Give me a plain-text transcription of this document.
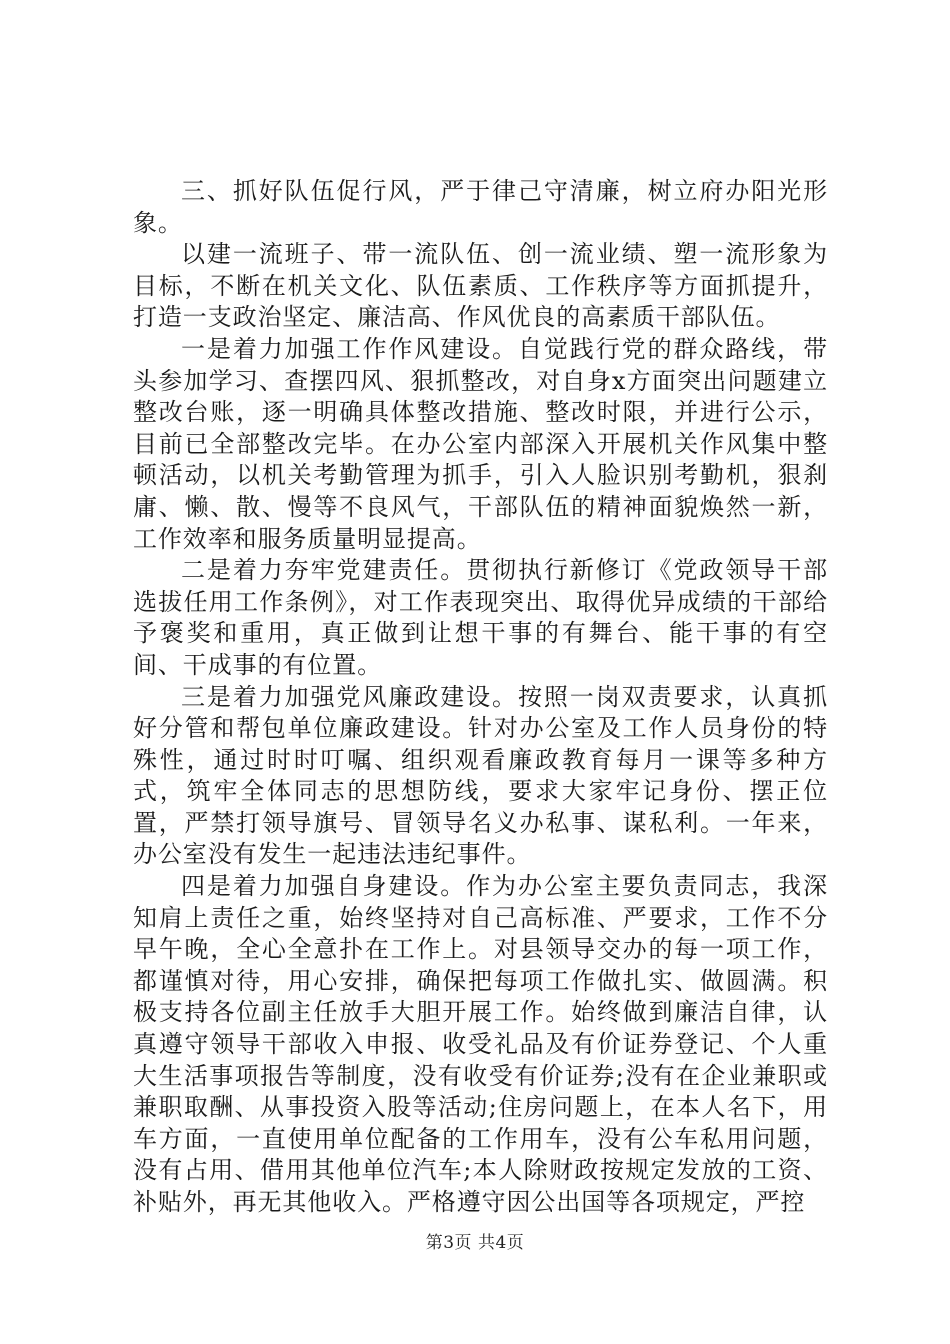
三、抓好队伍促行风，严于律己守清廉，树立府办阳光形象。

以建一流班子、带一流队伍、创一流业绩、塑一流形象为目标，不断在机关文化、队伍素质、工作秩序等方面抓提升，打造一支政治坚定、廉洁高、作风优良的高素质干部队伍。

一是着力加强工作作风建设。自觉践行党的群众路线，带头参加学习、查摆四风、狠抓整改，对自身x方面突出问题建立整改台账，逐一明确具体整改措施、整改时限，并进行公示，目前已全部整改完毕。在办公室内部深入开展机关作风集中整顿活动，以机关考勤管理为抓手，引入人脸识别考勤机，狠刹庸、懒、散、慢等不良风气，干部队伍的精神面貌焕然一新，工作效率和服务质量明显提高。

二是着力夯牢党建责任。贯彻执行新修订《党政领导干部选拔任用工作条例》，对工作表现突出、取得优异成绩的干部给予褒奖和重用，真正做到让想干事的有舞台、能干事的有空间、干成事的有位置。

三是着力加强党风廉政建设。按照一岗双责要求，认真抓好分管和帮包单位廉政建设。针对办公室及工作人员身份的特殊性，通过时时叮嘱、组织观看廉政教育每月一课等多种方式，筑牢全体同志的思想防线，要求大家牢记身份、摆正位置，严禁打领导旗号、冒领导名义办私事、谋私利。一年来，办公室没有发生一起违法违纪事件。

四是着力加强自身建设。作为办公室主要负责同志，我深知肩上责任之重，始终坚持对自己高标准、严要求，工作不分早午晚，全心全意扑在工作上。对县领导交办的每一项工作，都谨慎对待，用心安排，确保把每项工作做扎实、做圆满。积极支持各位副主任放手大胆开展工作。始终做到廉洁自律，认真遵守领导干部收入申报、收受礼品及有价证券登记、个人重大生活事项报告等制度，没有收受有价证券;没有在企业兼职或兼职取酬、从事投资入股等活动;住房问题上，在本人名下，用车方面，一直使用单位配备的工作用车，没有公车私用问题，没有占用、借用其他单位汽车;本人除财政按规定发放的工资、补贴外，再无其他收入。严格遵守因公出国等各项规定，严控

第3页 共4页
